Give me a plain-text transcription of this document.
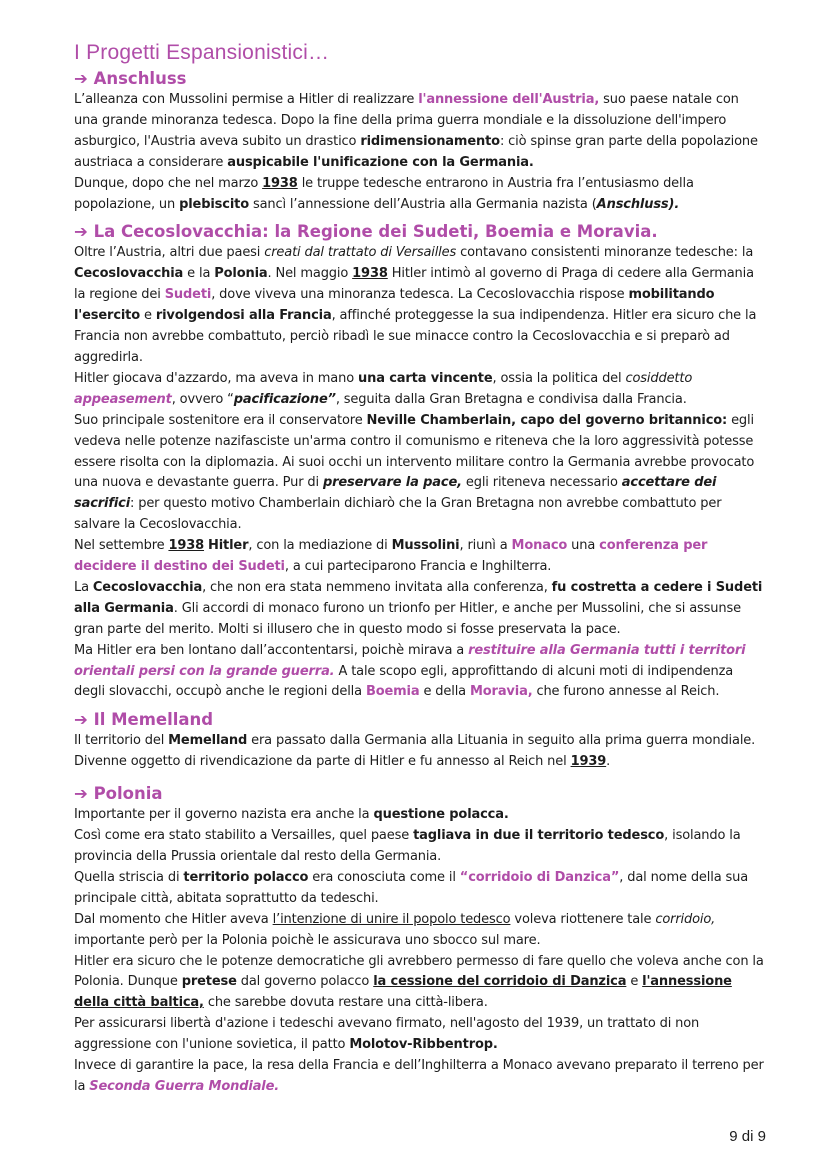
I Progetti Espansionistici…
➔ Anschluss

L’alleanza con Mussolini permise a Hitler di realizzare l'annessione dell'Austria, suo paese natale con una grande minoranza tedesca. Dopo la fine della prima guerra mondiale e la dissoluzione dell'impero asburgico, l'Austria aveva subito un drastico ridimensionamento: ciò spinse gran parte della popolazione austriaca a considerare auspicabile l'unificazione con la Germania.

Dunque, dopo che nel marzo 1938 le truppe tedesche entrarono in Austria fra l’entusiasmo della popolazione, un plebiscito sancì l’annessione dell’Austria alla Germania nazista (Anschluss).

➔ La Cecoslovacchia: la Regione dei Sudeti, Boemia e Moravia.

Oltre l’Austria, altri due paesi creati dal trattato di Versailles contavano consistenti minoranze tedesche: la Cecoslovacchia e la Polonia. Nel maggio 1938 Hitler intimò al governo di Praga di cedere alla Germania la regione dei Sudeti, dove viveva una minoranza tedesca. La Cecoslovacchia rispose mobilitando l'esercito e rivolgendosi alla Francia, affinché proteggesse la sua indipendenza. Hitler era sicuro che la Francia non avrebbe combattuto, perciò ribadì le sue minacce contro la Cecoslovacchia e si preparò ad aggredirla.

Hitler giocava d'azzardo, ma aveva in mano una carta vincente, ossia la politica del cosiddetto appeasement, ovvero “pacificazione”, seguita dalla Gran Bretagna e condivisa dalla Francia.

Suo principale sostenitore era il conservatore Neville Chamberlain, capo del governo britannico: egli vedeva nelle potenze nazifasciste un'arma contro il comunismo e riteneva che la loro aggressività potesse essere risolta con la diplomazia. Ai suoi occhi un intervento militare contro la Germania avrebbe provocato una nuova e devastante guerra. Pur di preservare la pace, egli riteneva necessario accettare dei sacrifici: per questo motivo Chamberlain dichiarò che la Gran Bretagna non avrebbe combattuto per salvare la Cecoslovacchia.

Nel settembre 1938 Hitler, con la mediazione di Mussolini, riunì a Monaco una conferenza per decidere il destino dei Sudeti, a cui parteciparono Francia e Inghilterra.

La Cecoslovacchia, che non era stata nemmeno invitata alla conferenza, fu costretta a cedere i Sudeti alla Germania. Gli accordi di monaco furono un trionfo per Hitler, e anche per Mussolini, che si assunse gran parte del merito. Molti si illusero che in questo modo si fosse preservata la pace.

Ma Hitler era ben lontano dall’accontentarsi, poichè mirava a restituire alla Germania tutti i territori orientali persi con la grande guerra. A tale scopo egli, approfittando di alcuni moti di indipendenza degli slovacchi, occupò anche le regioni della Boemia e della Moravia, che furono annesse al Reich.

➔ Il Memelland

Il territorio del Memelland era passato dalla Germania alla Lituania in seguito alla prima guerra mondiale. Divenne oggetto di rivendicazione da parte di Hitler e fu annesso al Reich nel 1939.

➔ Polonia

Importante per il governo nazista era anche la questione polacca.

Così come era stato stabilito a Versailles, quel paese tagliava in due il territorio tedesco, isolando la provincia della Prussia orientale dal resto della Germania.

Quella striscia di territorio polacco era conosciuta come il “corridoio di Danzica”, dal nome della sua principale città, abitata soprattutto da tedeschi.

Dal momento che Hitler aveva l’intenzione di unire il popolo tedesco voleva riottenere tale corridoio, importante però per la Polonia poichè le assicurava uno sbocco sul mare.

Hitler era sicuro che le potenze democratiche gli avrebbero permesso di fare quello che voleva anche con la Polonia. Dunque pretese dal governo polacco la cessione del corridoio di Danzica e l'annessione della città baltica, che sarebbe dovuta restare una città-libera.

Per assicurarsi libertà d'azione i tedeschi avevano firmato, nell'agosto del 1939, un trattato di non aggressione con l'unione sovietica, il patto Molotov-Ribbentrop.

Invece di garantire la pace, la resa della Francia e dell’Inghilterra a Monaco avevano preparato il terreno per la Seconda Guerra Mondiale.

9 di 9
